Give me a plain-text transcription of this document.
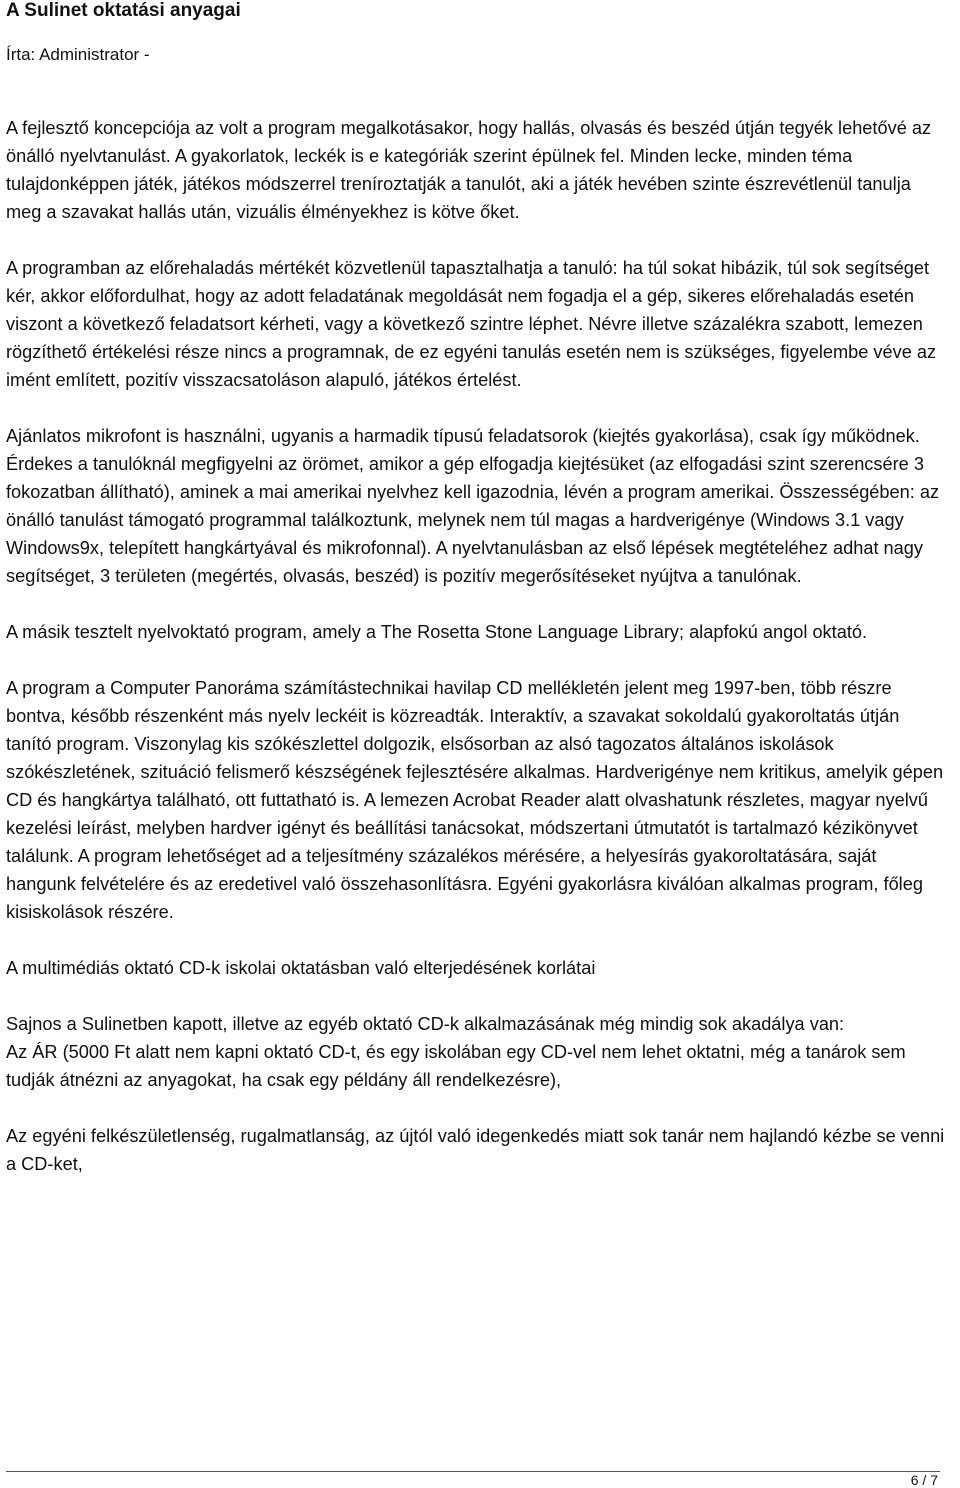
A Sulinet oktatási anyagai
Írta: Administrator -

A fejlesztő koncepciója az volt a program megalkotásakor, hogy hallás, olvasás és beszéd útján tegyék lehetővé az önálló nyelvtanulást. A gyakorlatok, leckék is e kategóriák szerint épülnek fel. Minden lecke, minden téma tulajdonképpen játék, játékos módszerrel treníroztatják a tanulót, aki a játék hevében szinte észrevétlenül tanulja meg a szavakat hallás után, vizuális élményekhez is kötve őket.

A programban az előrehaladás mértékét közvetlenül tapasztalhatja a tanuló: ha túl sokat hibázik, túl sok segítséget kér, akkor előfordulhat, hogy az adott feladatának megoldását nem fogadja el a gép, sikeres előrehaladás esetén viszont a következő feladatsort kérheti, vagy a következő szintre léphet. Névre illetve százalékra szabott, lemezen rögzíthető értékelési része nincs a programnak, de ez egyéni tanulás esetén nem is szükséges, figyelembe véve az imént említett, pozitív visszacsatoláson alapuló, játékos értelést.

Ajánlatos mikrofont is használni, ugyanis a harmadik típusú feladatsorok (kiejtés gyakorlása), csak így működnek. Érdekes a tanulóknál megfigyelni az örömet, amikor a gép elfogadja kiejtésüket (az elfogadási szint szerencsére 3 fokozatban állítható), aminek a mai amerikai nyelvhez kell igazodnia, lévén a program amerikai. Összességében: az önálló tanulást támogató programmal találkoztunk, melynek nem túl magas a hardverigénye (Windows 3.1 vagy Windows9x, telepített hangkártyával és mikrofonnal). A nyelvtanulásban az első lépések megtételéhez adhat nagy segítséget, 3 területen (megértés, olvasás, beszéd) is pozitív megerősítéseket nyújtva a tanulónak.

A másik tesztelt nyelvoktató program, amely a The Rosetta Stone Language Library; alapfokú angol oktató.

A program a Computer Panoráma számítástechnikai havilap CD mellékletén jelent meg 1997-ben, több részre bontva, később részenként más nyelv leckéit is közreadták. Interaktív, a szavakat sokoldalú gyakoroltatás útján tanító program. Viszonylag kis szókészlettel dolgozik, elsősorban az alsó tagozatos általános iskolások szókészletének, szituáció felismerő készségének fejlesztésére alkalmas. Hardverigénye nem kritikus, amelyik gépen CD és hangkártya található, ott futtatható is. A lemezen Acrobat Reader alatt olvashatunk részletes, magyar nyelvű kezelési leírást, melyben hardver igényt és beállítási tanácsokat, módszertani útmutatót is tartalmazó kézikönyvet találunk. A program lehetőséget ad a teljesítmény százalékos mérésére, a helyesírás gyakoroltatására, saját hangunk felvételére és az eredetivel való összehasonlításra. Egyéni gyakorlásra kiválóan alkalmas program, főleg kisiskolások részére.

A multimédiás oktató CD-k iskolai oktatásban való elterjedésének korlátai

Sajnos a Sulinetben kapott, illetve az egyéb oktató CD-k alkalmazásának még mindig sok akadálya van:

Az ÁR (5000 Ft alatt nem kapni oktató CD-t, és egy iskolában egy CD-vel nem lehet oktatni, még a tanárok sem tudják átnézni az anyagokat, ha csak egy példány áll rendelkezésre),

Az egyéni felkészületlenség, rugalmatlanság, az újtól való idegenkedés miatt sok tanár nem hajlandó kézbe se venni a CD-ket,

6 / 7
